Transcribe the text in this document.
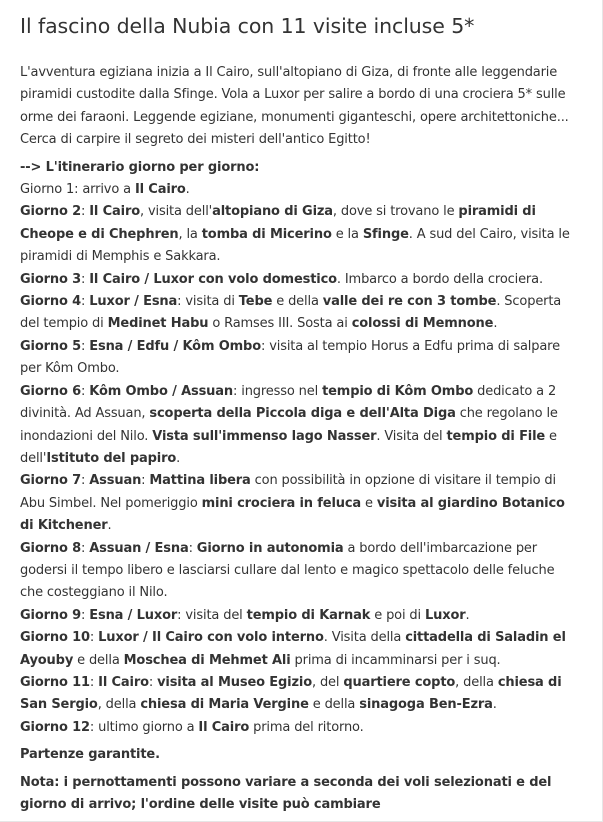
Il fascino della Nubia con 11 visite incluse 5*

L'avventura egiziana inizia a Il Cairo, sull'altopiano di Giza, di fronte alle leggendarie piramidi custodite dalla Sfinge. Vola a Luxor per salire a bordo di una crociera 5* sulle orme dei faraoni. Leggende egiziane, monumenti giganteschi, opere architettoniche... Cerca di carpire il segreto dei misteri dell'antico Egitto!

--> L'itinerario giorno per giorno:

Giorno 1: arrivo a Il Cairo.

Giorno 2: Il Cairo, visita dell'altopiano di Giza, dove si trovano le piramidi di Cheope e di Chephren, la tomba di Micerino e la Sfinge. A sud del Cairo, visita le piramidi di Memphis e Sakkara.

Giorno 3: Il Cairo / Luxor con volo domestico. Imbarco a bordo della crociera.

Giorno 4: Luxor / Esna: visita di Tebe e della valle dei re con 3 tombe. Scoperta del tempio di Medinet Habu o Ramses III. Sosta ai colossi di Memnone.

Giorno 5: Esna / Edfu / Kôm Ombo: visita al tempio Horus a Edfu prima di salpare per Kôm Ombo.

Giorno 6: Kôm Ombo / Assuan: ingresso nel tempio di Kôm Ombo dedicato a 2 divinità. Ad Assuan, scoperta della Piccola diga e dell'Alta Diga che regolano le inondazioni del Nilo. Vista sull'immenso lago Nasser. Visita del tempio di File e dell'Istituto del papiro.

Giorno 7: Assuan: Mattina libera con possibilità in opzione di visitare il tempio di Abu Simbel. Nel pomeriggio mini crociera in feluca e visita al giardino Botanico di Kitchener.

Giorno 8: Assuan / Esna: Giorno in autonomia a bordo dell'imbarcazione per godersi il tempo libero e lasciarsi cullare dal lento e magico spettacolo delle feluche che costeggiano il Nilo.

Giorno 9: Esna / Luxor: visita del tempio di Karnak e poi di Luxor.

Giorno 10: Luxor / Il Cairo con volo interno. Visita della cittadella di Saladin el Ayouby e della Moschea di Mehmet Ali prima di incamminarsi per i suq.

Giorno 11: Il Cairo: visita al Museo Egizio, del quartiere copto, della chiesa di San Sergio, della chiesa di Maria Vergine e della sinagoga Ben-Ezra.

Giorno 12: ultimo giorno a Il Cairo prima del ritorno.

Partenze garantite.

Nota: i pernottamenti possono variare a seconda dei voli selezionati e del giorno di arrivo; l'ordine delle visite può cambiare
